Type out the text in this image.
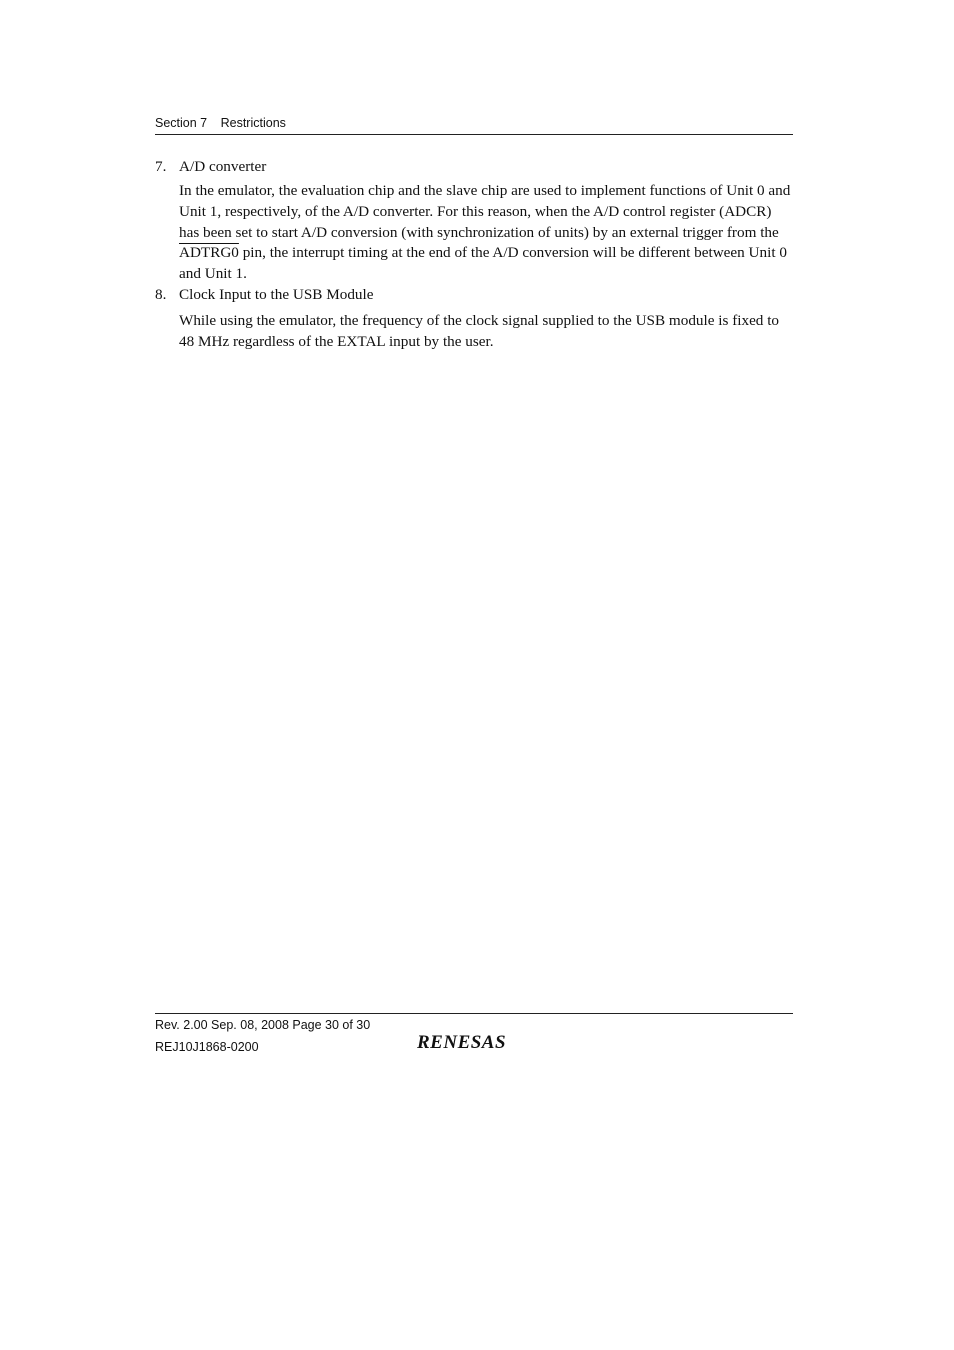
Section 7 Restrictions
7. A/D converter

In the emulator, the evaluation chip and the slave chip are used to implement functions of Unit 0 and Unit 1, respectively, of the A/D converter. For this reason, when the A/D control register (ADCR) has been set to start A/D conversion (with synchronization of units) by an external trigger from the ADTRG0 pin, the interrupt timing at the end of the A/D conversion will be different between Unit 0 and Unit 1.

8. Clock Input to the USB Module

While using the emulator, the frequency of the clock signal supplied to the USB module is fixed to 48 MHz regardless of the EXTAL input by the user.

Rev. 2.00 Sep. 08, 2008 Page 30 of 30
REJ10J1868-0200	RENESAS
